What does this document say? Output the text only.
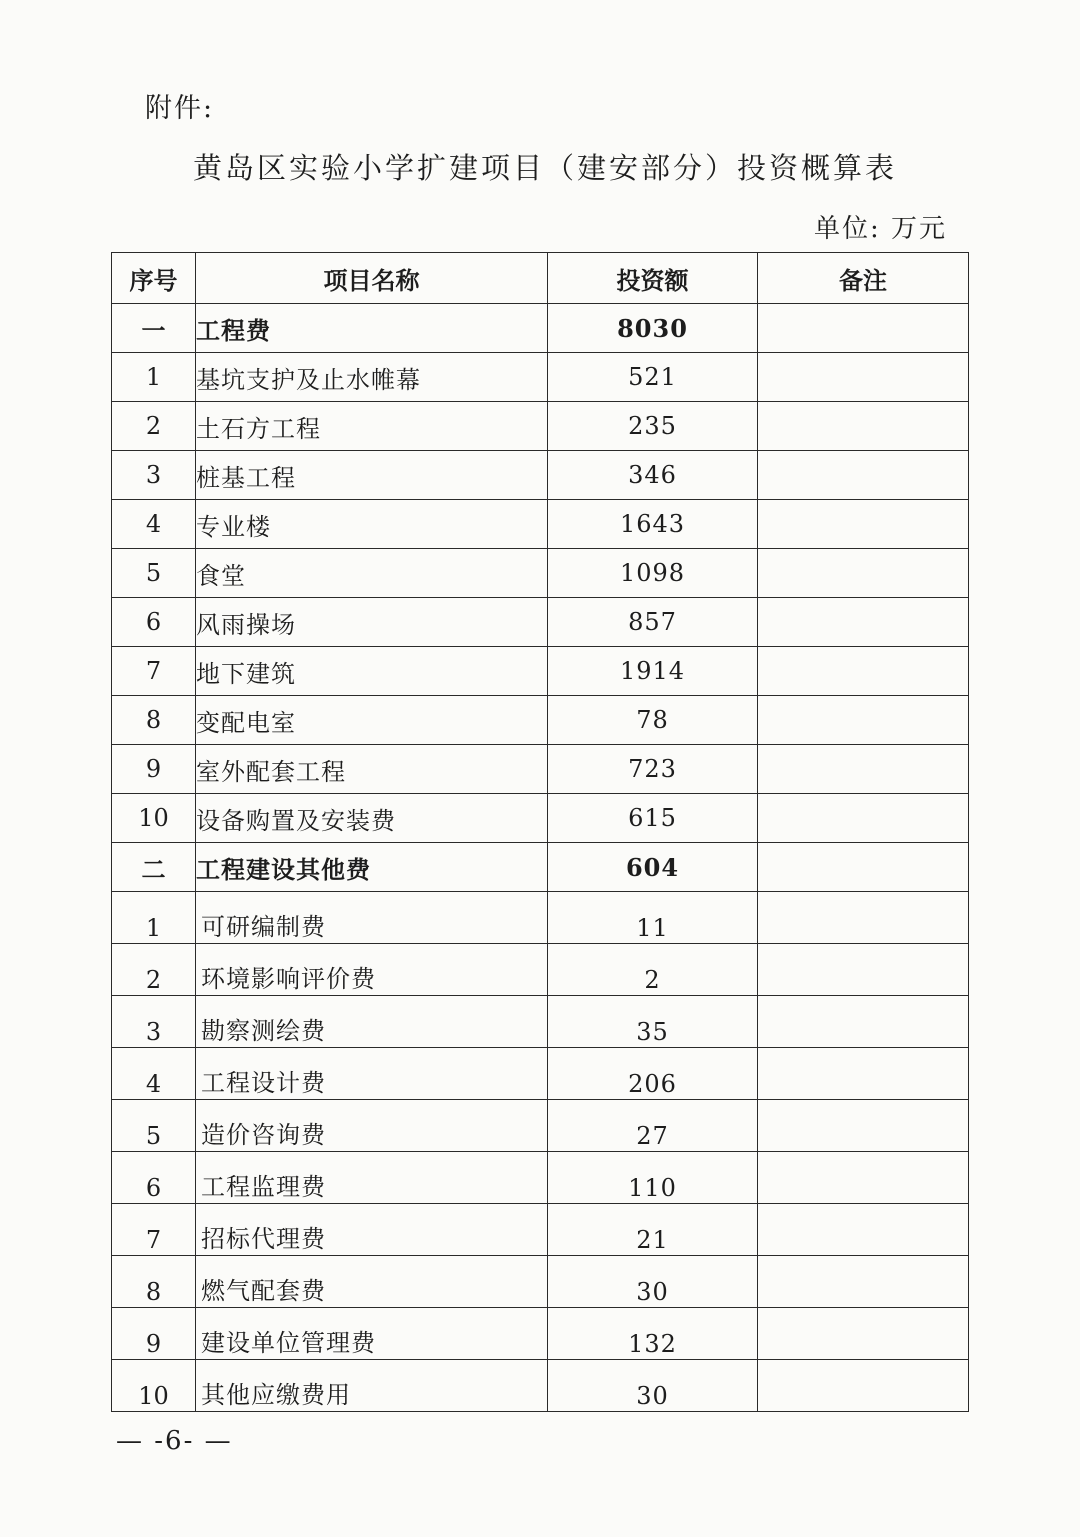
附件:
黄岛区实验小学扩建项目（建安部分）投资概算表
单位: 万元
序号	项目名称	投资额	备注
一	工程费	8030	
1	基坑支护及止水帷幕	521	
2	土石方工程	235	
3	桩基工程	346	
4	专业楼	1643	
5	食堂	1098	
6	风雨操场	857	
7	地下建筑	1914	
8	变配电室	78	
9	室外配套工程	723	
10	设备购置及安装费	615	
二	工程建设其他费	604	
1	可研编制费	11	
2	环境影响评价费	2	
3	勘察测绘费	35	
4	工程设计费	206	
5	造价咨询费	27	
6	工程监理费	110	
7	招标代理费	21	
8	燃气配套费	30	
9	建设单位管理费	132	
10	其他应缴费用	30	
— -6- —
